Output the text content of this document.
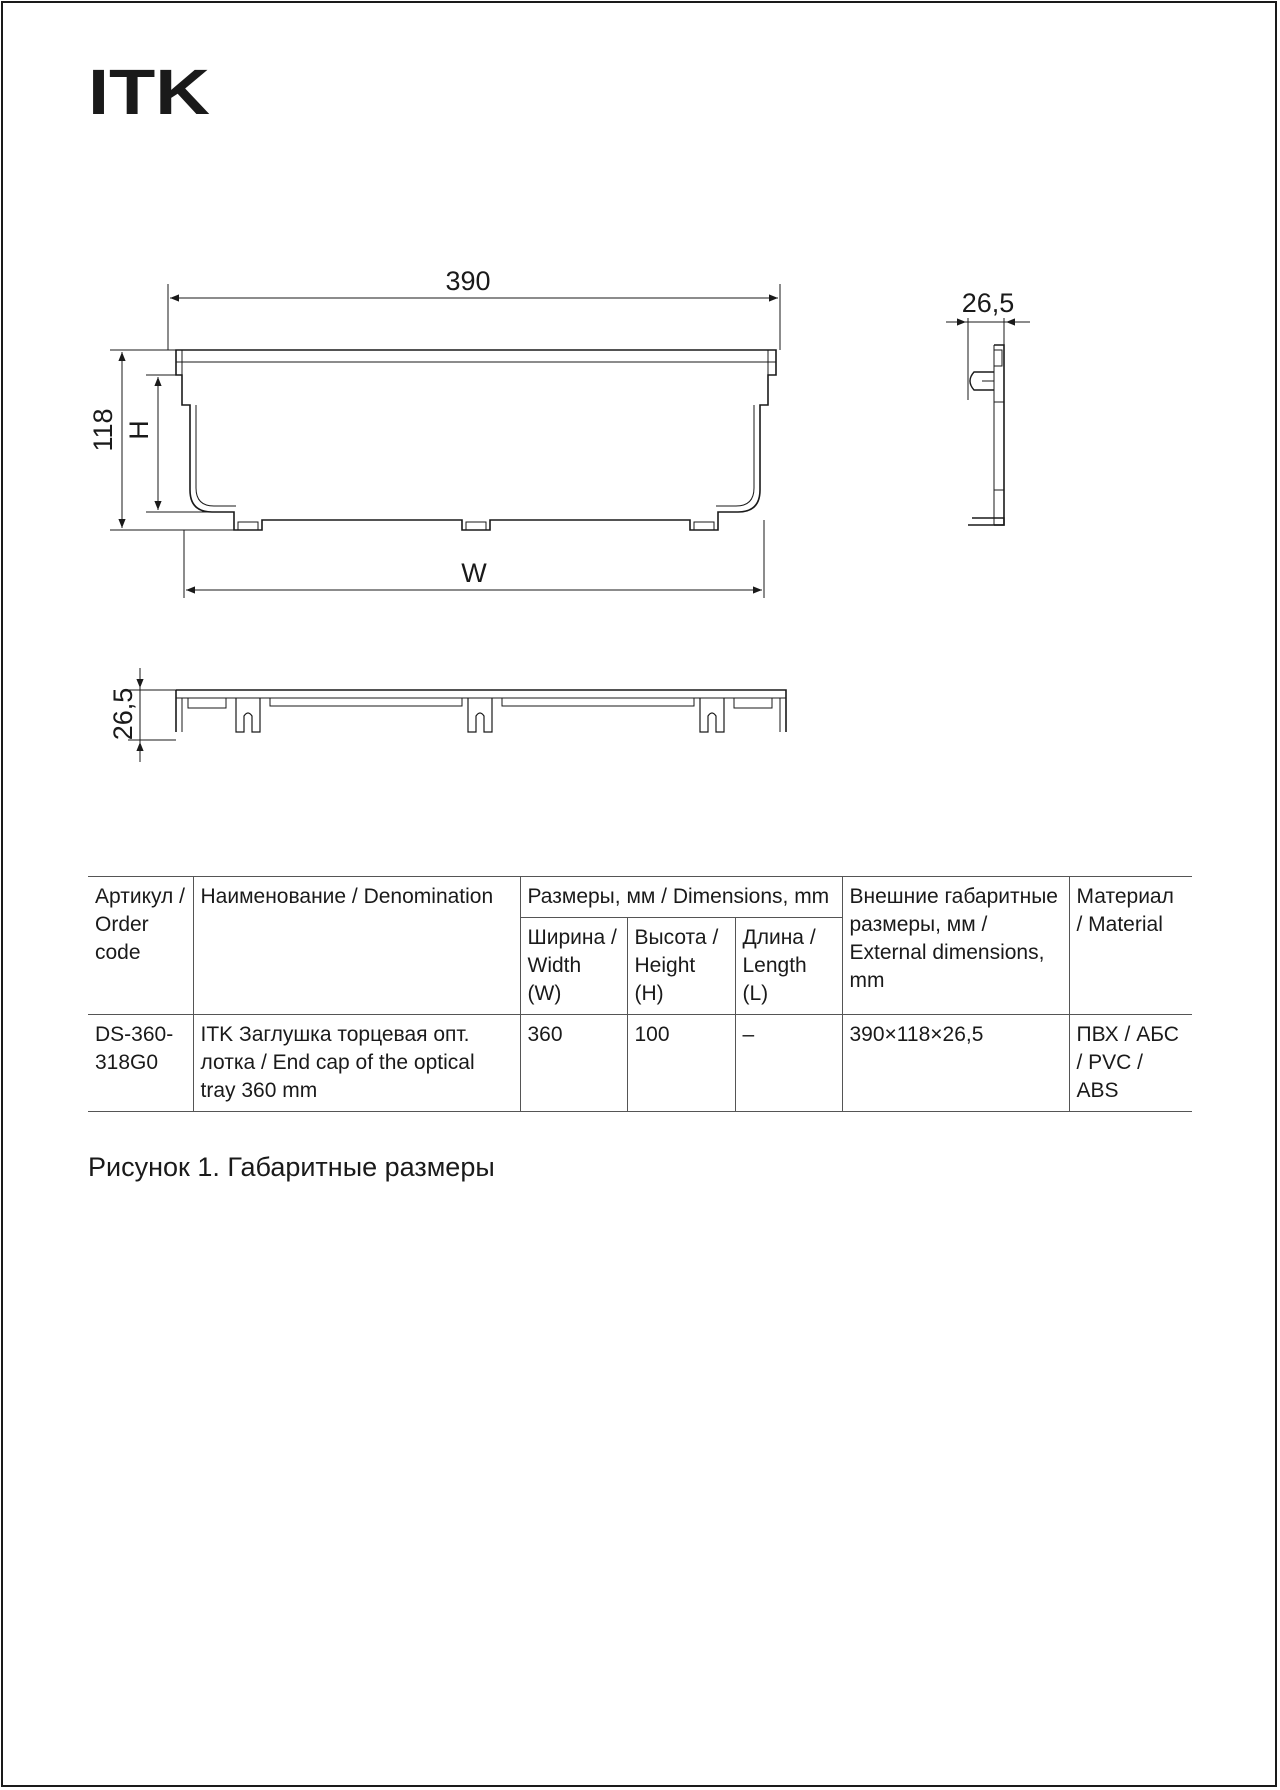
ITK
390
118 H
W
26,5
26,5
Артикул / Order code	Наименование / Denomination	Размеры, мм / Dimensions, mm			Внешние габаритные размеры, мм / External dimensions, mm	Материал / Material
		Ширина / Width (W)	Высота / Height (H)	Длина / Length (L)		
DS-360-318G0	ITK Заглушка торцевая опт. лотка / End cap of the optical tray 360 mm	360	100	–	390×118×26,5	ПВХ / АБС / PVC / ABS
Рисунок 1. Габаритные размеры
